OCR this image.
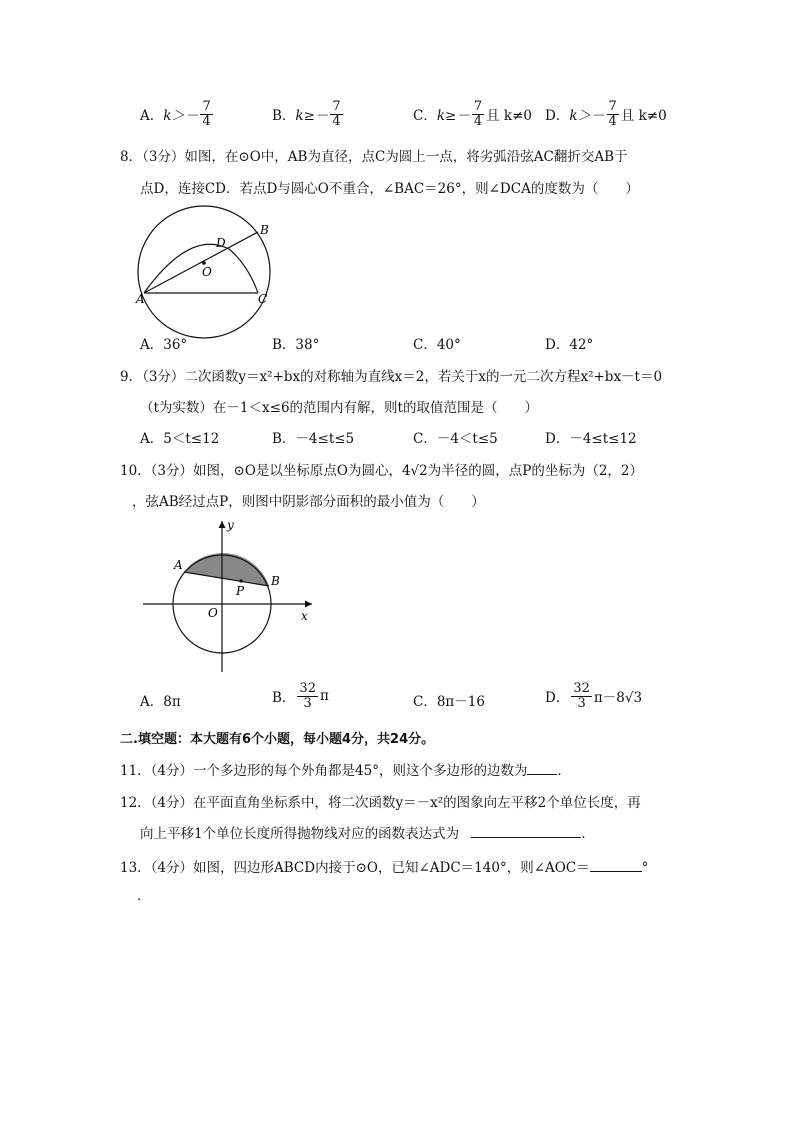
A． $k>- \frac{7}{4}$	B． $k\ge- \frac{7}{4}$	C． $k\ge- \frac{7}{4}$ 且 k≠0 D． $k>- \frac{7}{4}$ 且 k≠0
8．（3分）如图，在⊙O中，AB为直径，点C为圆上一点，将劣弧沿弦AC翻折交AB于
点D，连接CD．若点D与圆心O不重合，∠BAC＝26°，则∠DCA的度数为（　　）
A
B
C
D
O
A．36°	B．38°	C．40°	D．42°
9．（3分）二次函数y＝x²+bx的对称轴为直线x＝2，若关于x的一元二次方程x²+bx－t＝0
（t为实数）在－1＜x≤6的范围内有解，则t的取值范围是（　　）
A．5＜t≤12	B．－4≤t≤5	C．－4＜t≤5	D．－4≤t≤12
10．（3分）如图，⊙O是以坐标原点O为圆心，4√2为半径的圆，点P的坐标为（2，2）
，弦AB经过点P，则图中阴影部分面积的最小值为（　　）
y
x
A
B
O
P
A．8π	B． $\frac{32}{3}$ π	C．8π－16	D． $\frac{32}{3} \pi-8√3$
二.填空题：本大题有6个小题，每小题4分，共24分。
11．（4分）一个多边形的每个外角都是45°，则这个多边形的边数为 ．
12．（4分）在平面直角坐标系中，将二次函数y＝－x²的图象向左平移2个单位长度，再
向上平移1个单位长度所得抛物线对应的函数表达式为	．
13．（4分）如图，四边形ABCD内接于⊙O，已知∠ADC＝140°，则∠AOC＝	°
．
